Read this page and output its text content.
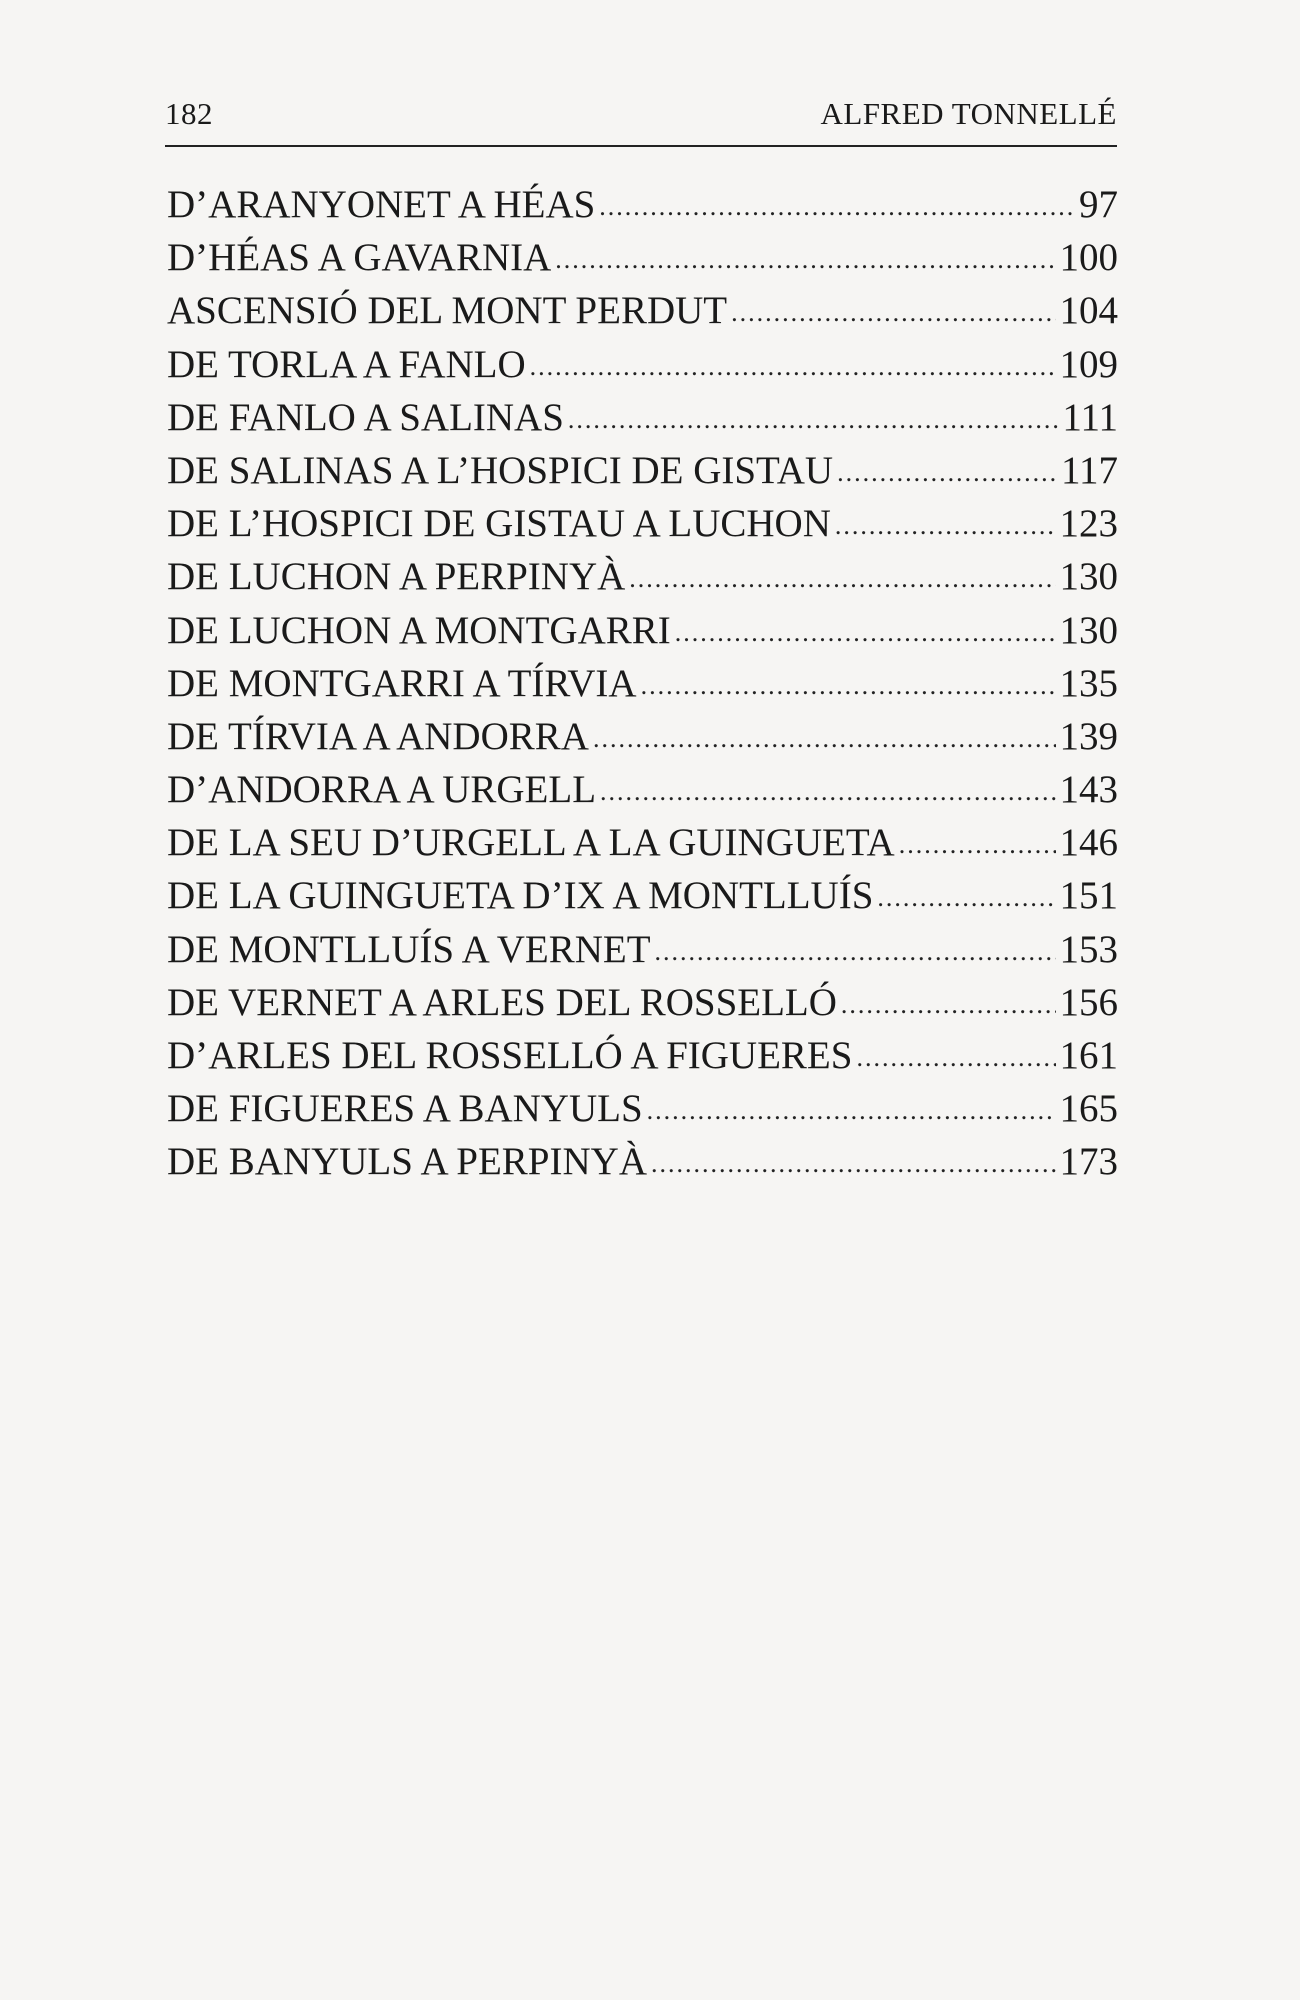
182	ALFRED TONNELLÉ
D’ARANYONET A HÉAS .....	97
D’HÉAS A GAVARNIA .....	100
ASCENSIÓ DEL MONT PERDUT .....	104
DE TORLA A FANLO .....	109
DE FANLO A SALINAS .....	111
DE SALINAS A L’HOSPICI DE GISTAU .....	117
DE L’HOSPICI DE GISTAU A LUCHON .....	123
DE LUCHON A PERPINYÀ .....	130
DE LUCHON A MONTGARRI .....	130
DE MONTGARRI A TÍRVIA .....	135
DE TÍRVIA A ANDORRA .....	139
D’ANDORRA A URGELL .....	143
DE LA SEU D’URGELL A LA GUINGUETA .....	146
DE LA GUINGUETA D’IX A MONTLLUÍS .....	151
DE MONTLLUÍS A VERNET .....	153
DE VERNET A ARLES DEL ROSSELLÓ .....	156
D’ARLES DEL ROSSELLÓ A FIGUERES .....	161
DE FIGUERES A BANYULS .....	165
DE BANYULS A PERPINYÀ .....	173
